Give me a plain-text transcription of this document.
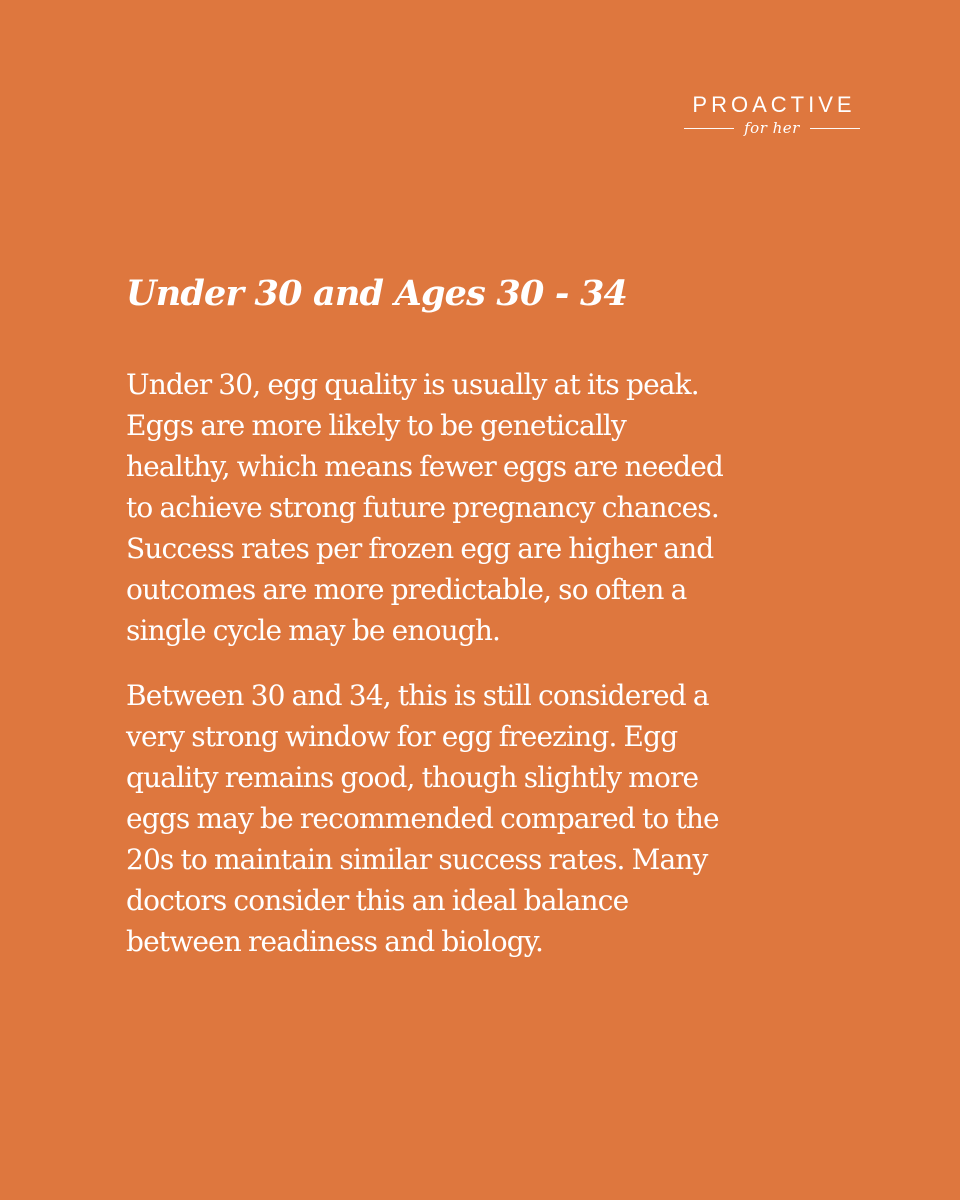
PROACTIVE
for her
Under 30 and Ages 30 - 34

Under 30, egg quality is usually at its peak.
Eggs are more likely to be genetically
healthy, which means fewer eggs are needed
to achieve strong future pregnancy chances.
Success rates per frozen egg are higher and
outcomes are more predictable, so often a
single cycle may be enough.

Between 30 and 34, this is still considered a
very strong window for egg freezing. Egg
quality remains good, though slightly more
eggs may be recommended compared to the
20s to maintain similar success rates. Many
doctors consider this an ideal balance
between readiness and biology.
